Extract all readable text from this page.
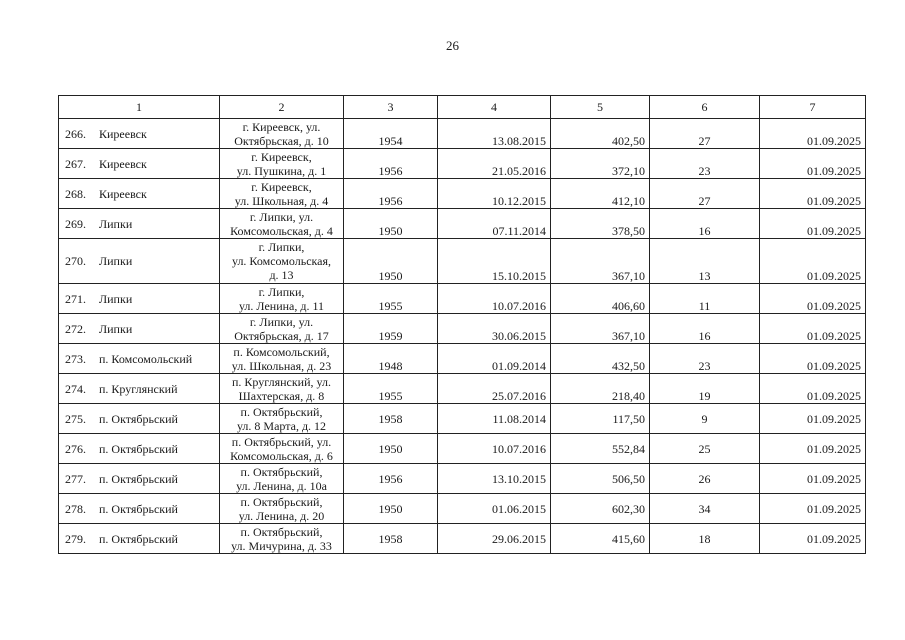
26
1	2	3	4	5	6	7
266. Киреевск	г. Киреевск, ул.
Октябрьская, д. 10	1954	13.08.2015	402,50	27	01.09.2025
267. Киреевск	г. Киреевск,
ул. Пушкина, д. 1	1956	21.05.2016	372,10	23	01.09.2025
268. Киреевск	г. Киреевск,
ул. Школьная, д. 4	1956	10.12.2015	412,10	27	01.09.2025
269. Липки	г. Липки, ул.
Комсомольская, д. 4	1950	07.11.2014	378,50	16	01.09.2025
270. Липки	г. Липки,
ул. Комсомольская,
д. 13	1950	15.10.2015	367,10	13	01.09.2025
271. Липки	г. Липки,
ул. Ленина, д. 11	1955	10.07.2016	406,60	11	01.09.2025
272. Липки	г. Липки, ул.
Октябрьская, д. 17	1959	30.06.2015	367,10	16	01.09.2025
273. п. Комсомольский	п. Комсомольский,
ул. Школьная, д. 23	1948	01.09.2014	432,50	23	01.09.2025
274. п. Круглянский	п. Круглянский, ул.
Шахтерская, д. 8	1955	25.07.2016	218,40	19	01.09.2025
275. п. Октябрьский	п. Октябрьский,
ул. 8 Марта, д. 12	1958	11.08.2014	117,50	9	01.09.2025
276. п. Октябрьский	п. Октябрьский, ул.
Комсомольская, д. 6	1950	10.07.2016	552,84	25	01.09.2025
277. п. Октябрьский	п. Октябрьский,
ул. Ленина, д. 10а	1956	13.10.2015	506,50	26	01.09.2025
278. п. Октябрьский	п. Октябрьский,
ул. Ленина, д. 20	1950	01.06.2015	602,30	34	01.09.2025
279. п. Октябрьский	п. Октябрьский,
ул. Мичурина, д. 33	1958	29.06.2015	415,60	18	01.09.2025
